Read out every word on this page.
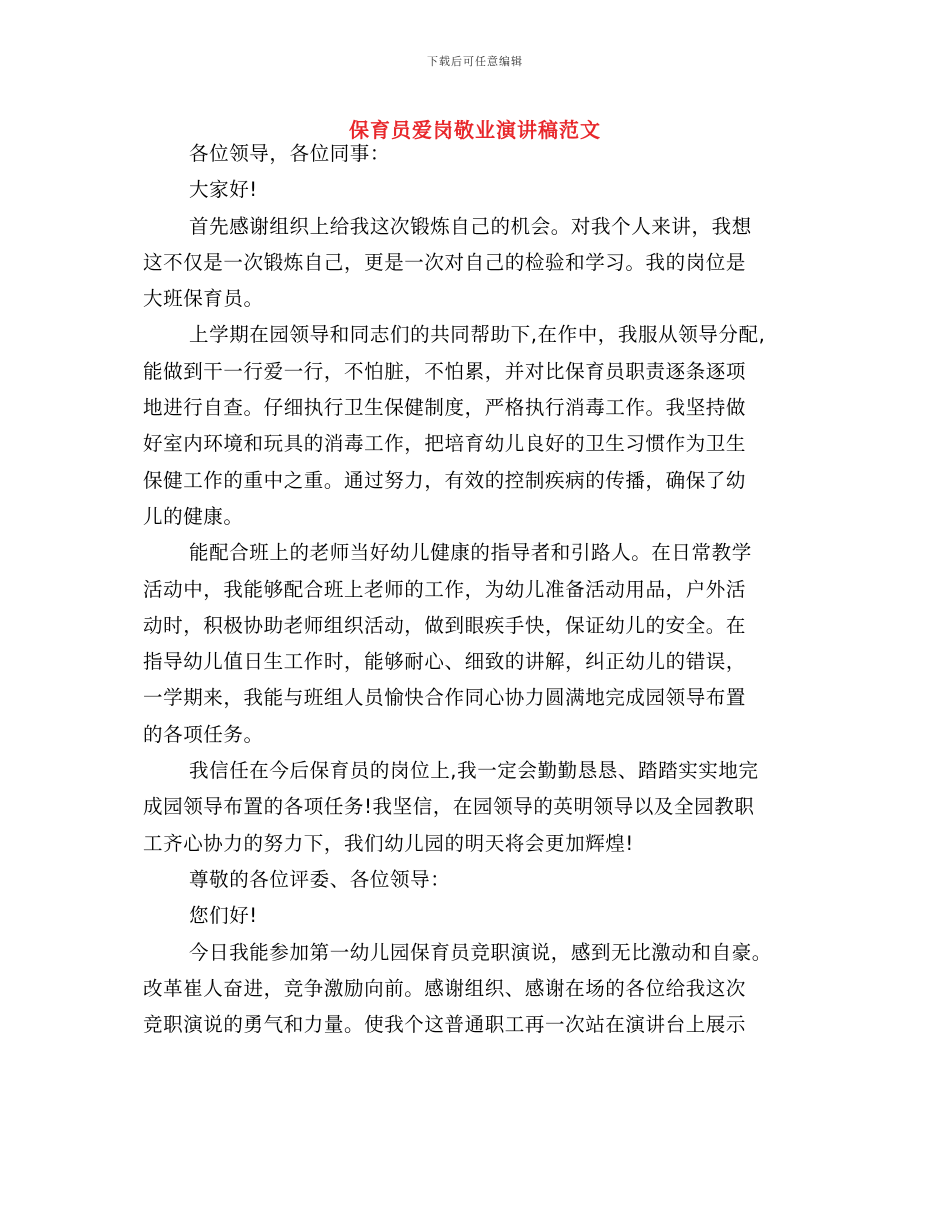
下载后可任意编辑
保育员爱岗敬业演讲稿范文
各位领导，各位同事：
大家好!
首先感谢组织上给我这次锻炼自己的机会。对我个人来讲，我想
这不仅是一次锻炼自己，更是一次对自己的检验和学习。我的岗位是
大班保育员。
上学期在园领导和同志们的共同帮助下,在作中，我服从领导分配,
能做到干一行爱一行，不怕脏，不怕累，并对比保育员职责逐条逐项
地进行自查。仔细执行卫生保健制度，严格执行消毒工作。我坚持做
好室内环境和玩具的消毒工作，把培育幼儿良好的卫生习惯作为卫生
保健工作的重中之重。通过努力，有效的控制疾病的传播，确保了幼
儿的健康。
能配合班上的老师当好幼儿健康的指导者和引路人。在日常教学
活动中，我能够配合班上老师的工作，为幼儿准备活动用品，户外活
动时，积极协助老师组织活动，做到眼疾手快，保证幼儿的安全。在
指导幼儿值日生工作时，能够耐心、细致的讲解，纠正幼儿的错误，
一学期来，我能与班组人员愉快合作同心协力圆满地完成园领导布置
的各项任务。
我信任在今后保育员的岗位上,我一定会勤勤恳恳、踏踏实实地完
成园领导布置的各项任务!我坚信，在园领导的英明领导以及全园教职
工齐心协力的努力下，我们幼儿园的明天将会更加辉煌!
尊敬的各位评委、各位领导：
您们好!
今日我能参加第一幼儿园保育员竞职演说，感到无比激动和自豪。
改革崔人奋进，竞争激励向前。感谢组织、感谢在场的各位给我这次
竞职演说的勇气和力量。使我个这普通职工再一次站在演讲台上展示
